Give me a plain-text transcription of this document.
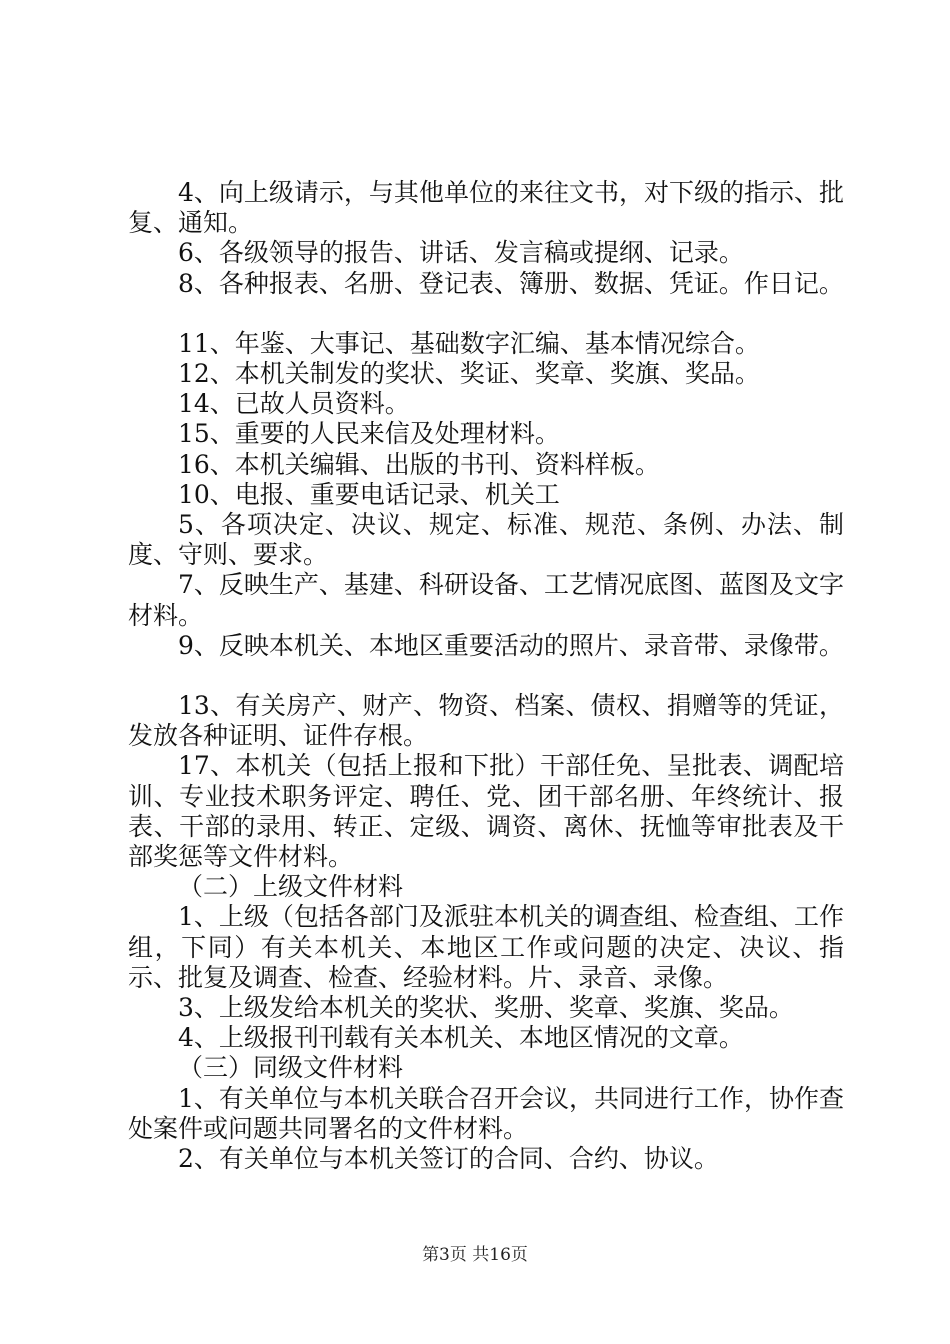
4、向上级请示，与其他单位的来往文书，对下级的指示、批复、通知。

6、各级领导的报告、讲话、发言稿或提纲、记录。

8、各种报表、名册、登记表、簿册、数据、凭证。作日记。

11、年鉴、大事记、基础数字汇编、基本情况综合。

12、本机关制发的奖状、奖证、奖章、奖旗、奖品。

14、已故人员资料。

15、重要的人民来信及处理材料。

16、本机关编辑、出版的书刊、资料样板。

10、电报、重要电话记录、机关工

5、各项决定、决议、规定、标准、规范、条例、办法、制度、守则、要求。

7、反映生产、基建、科研设备、工艺情况底图、蓝图及文字材料。

9、反映本机关、本地区重要活动的照片、录音带、录像带。

13、有关房产、财产、物资、档案、债权、捐赠等的凭证，发放各种证明、证件存根。

17、本机关（包括上报和下批）干部任免、呈批表、调配培训、专业技术职务评定、聘任、党、团干部名册、年终统计、报表、干部的录用、转正、定级、调资、离休、抚恤等审批表及干部奖惩等文件材料。

（二）上级文件材料

1、上级（包括各部门及派驻本机关的调查组、检查组、工作组，下同）有关本机关、本地区工作或问题的决定、决议、指示、批复及调查、检查、经验材料。片、录音、录像。

3、上级发给本机关的奖状、奖册、奖章、奖旗、奖品。

4、上级报刊刊载有关本机关、本地区情况的文章。

（三）同级文件材料

1、有关单位与本机关联合召开会议，共同进行工作，协作查处案件或问题共同署名的文件材料。

2、有关单位与本机关签订的合同、合约、协议。

第3页 共16页
